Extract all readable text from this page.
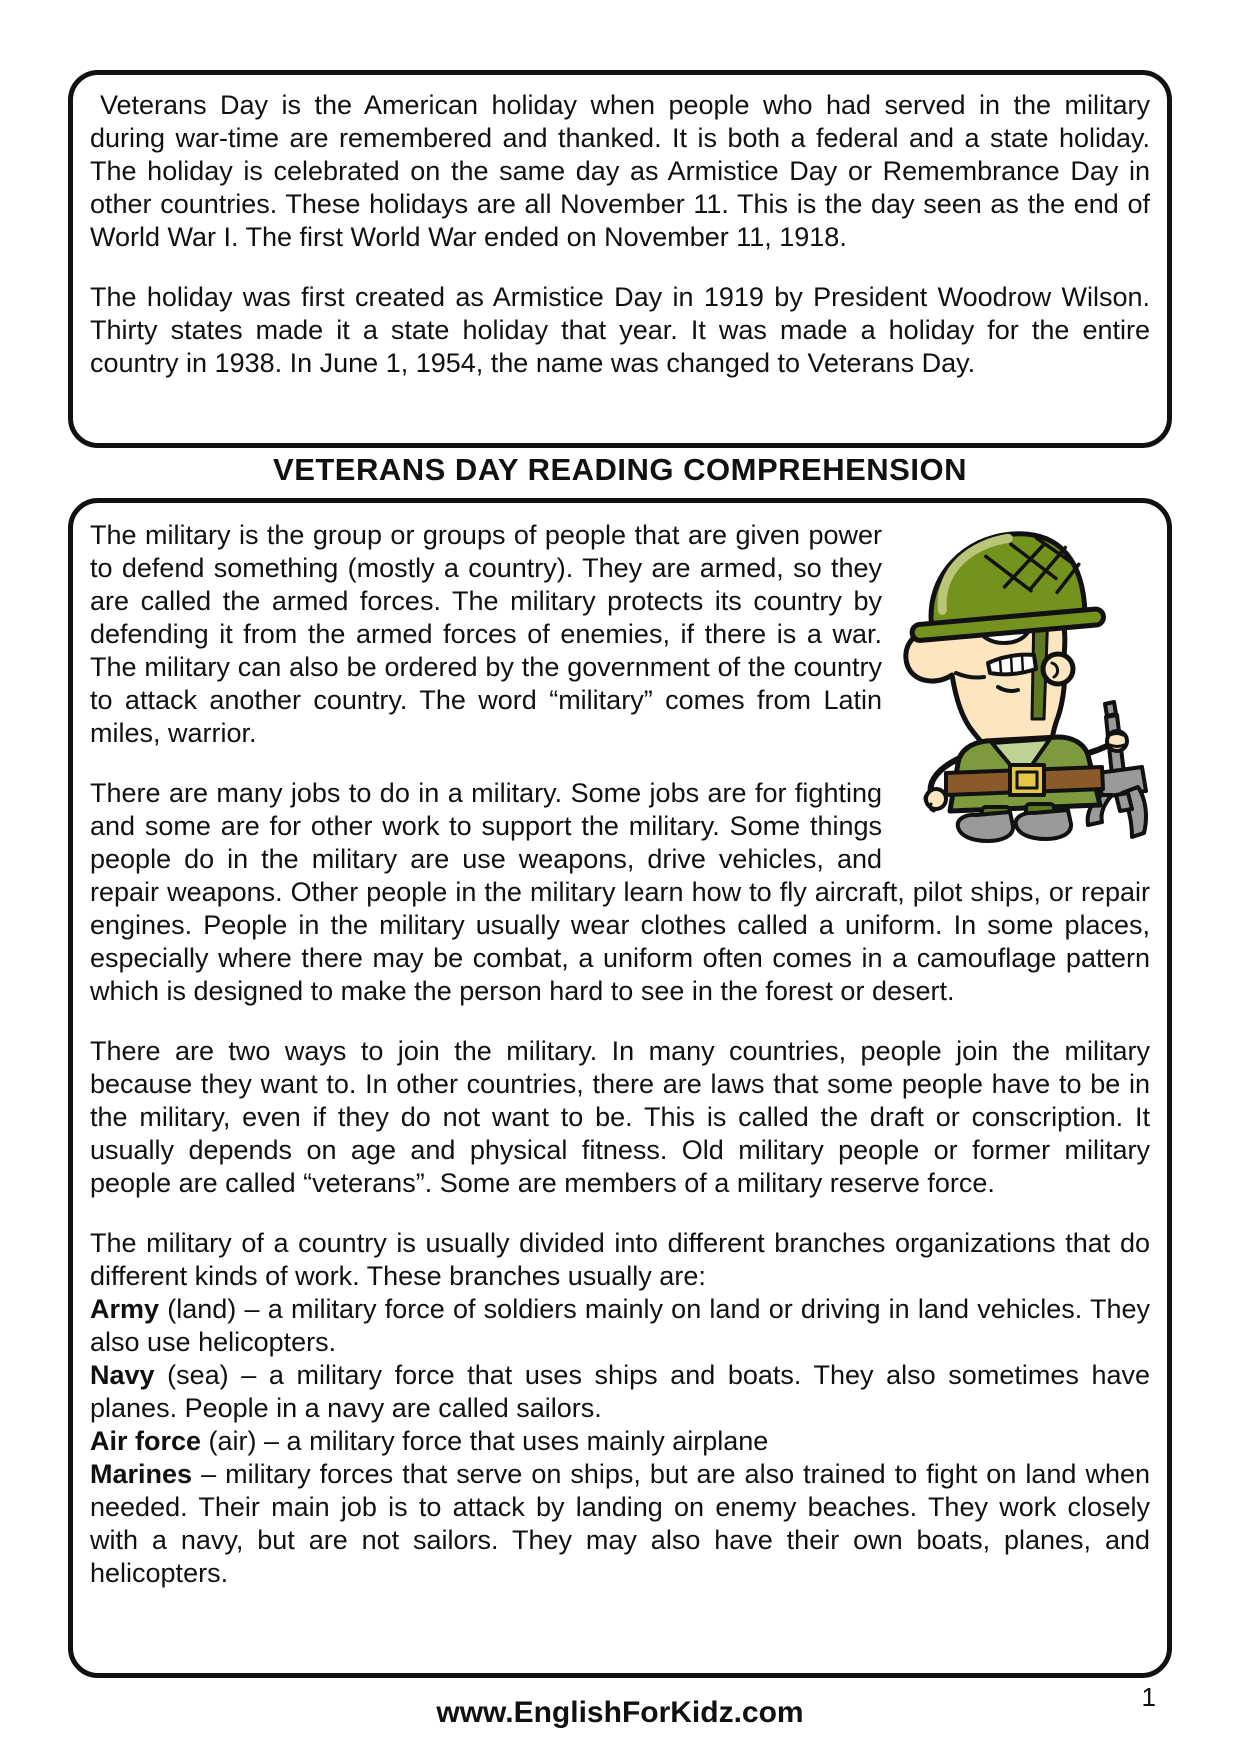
Veterans Day is the American holiday when people who had served in the military during war-time are remembered and thanked. It is both a federal and a state holiday. The holiday is celebrated on the same day as Armistice Day or Remembrance Day in other countries. These holidays are all November 11. This is the day seen as the end of World War I. The first World War ended on November 11, 1918.

The holiday was first created as Armistice Day in 1919 by President Woodrow Wilson. Thirty states made it a state holiday that year. It was made a holiday for the entire country in 1938. In June 1, 1954, the name was changed to Veterans Day.

VETERANS DAY READING COMPREHENSION

The military is the group or groups of people that are given power to defend something (mostly a country). They are armed, so they are called the armed forces. The military protects its country by defending it from the armed forces of enemies, if there is a war. The military can also be ordered by the government of the country to attack another country. The word “military” comes from Latin miles, warrior.

There are many jobs to do in a military. Some jobs are for fighting and some are for other work to support the military. Some things people do in the military are use weapons, drive vehicles, and repair weapons. Other people in the military learn how to fly aircraft, pilot ships, or repair engines. People in the military usually wear clothes called a uniform. In some places, especially where there may be combat, a uniform often comes in a camouflage pattern which is designed to make the person hard to see in the forest or desert.

There are two ways to join the military. In many countries, people join the military because they want to. In other countries, there are laws that some people have to be in the military, even if they do not want to be. This is called the draft or conscription. It usually depends on age and physical fitness. Old military people or former military people are called “veterans”. Some are members of a military reserve force.

The military of a country is usually divided into different branches organizations that do different kinds of work. These branches usually are:

Army (land) – a military force of soldiers mainly on land or driving in land vehicles. They also use helicopters.

Navy (sea) – a military force that uses ships and boats. They also sometimes have planes. People in a navy are called sailors.

Air force (air) – a military force that uses mainly airplane

Marines – military forces that serve on ships, but are also trained to fight on land when needed. Their main job is to attack by landing on enemy beaches. They work closely with a navy, but are not sailors. They may also have their own boats, planes, and helicopters.

1
www.EnglishForKidz.com
